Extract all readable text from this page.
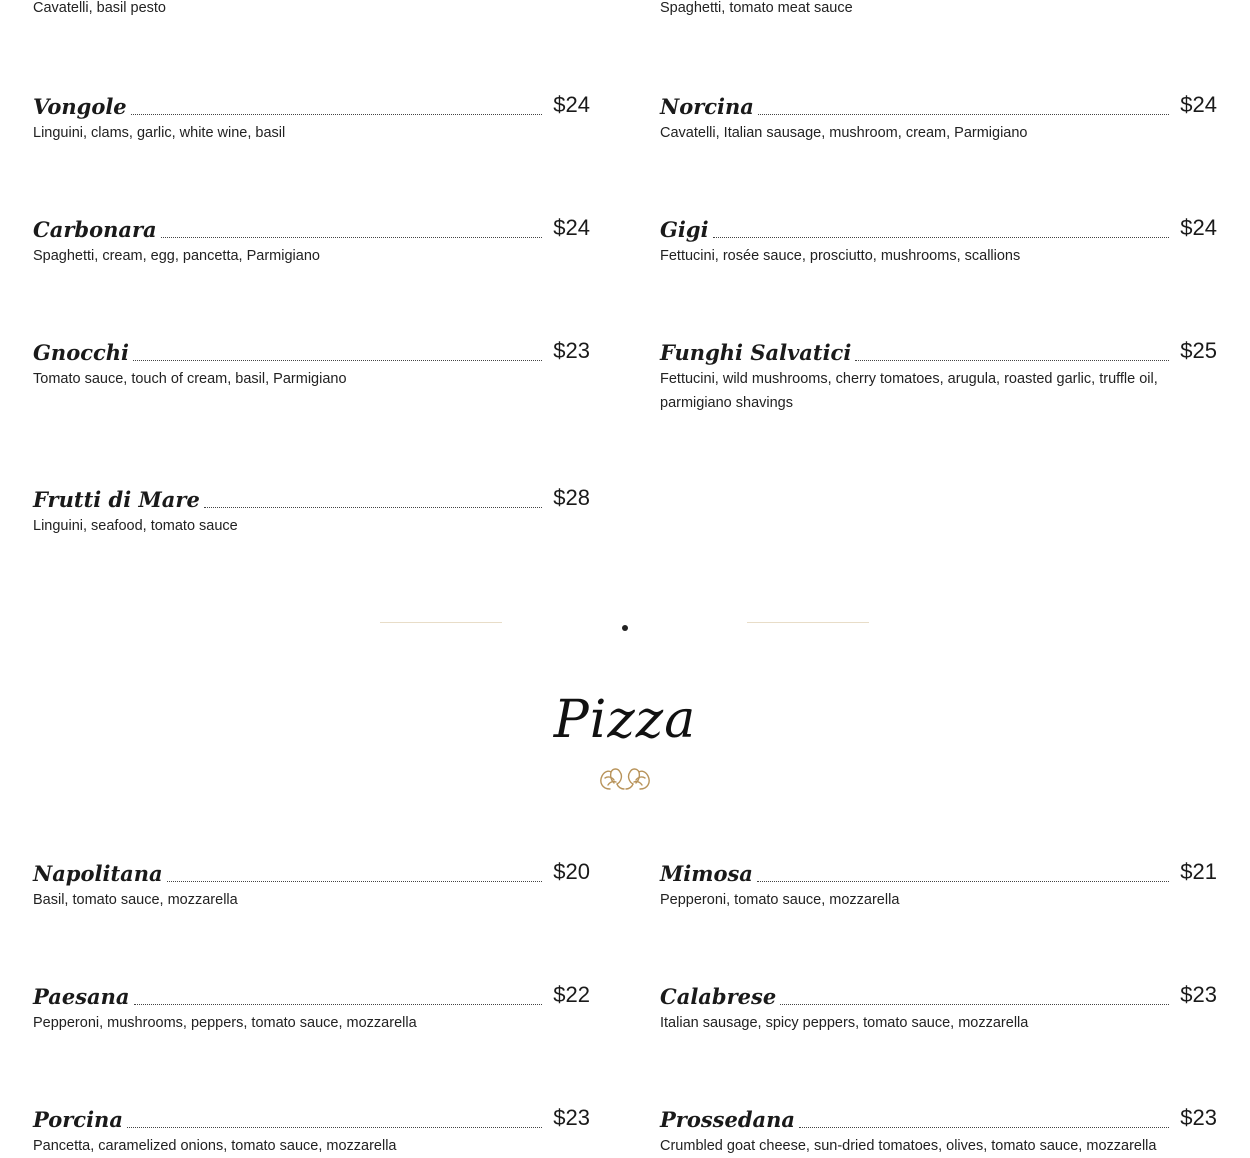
Cavatelli, basil pesto	Spaghetti, tomato meat sauce
Vongole	$24
Linguini, clams, garlic, white wine, basil
Norcina	$24
Cavatelli, Italian sausage, mushroom, cream, Parmigiano
Carbonara	$24
Spaghetti, cream, egg, pancetta, Parmigiano
Gigi	$24
Fettucini, rosée sauce, prosciutto, mushrooms, scallions
Gnocchi	$23
Tomato sauce, touch of cream, basil, Parmigiano
Funghi Salvatici	$25
Fettucini, wild mushrooms, cherry tomatoes, arugula, roasted garlic, truffle oil, parmigiano shavings
Frutti di Mare	$28
Linguini, seafood, tomato sauce
Pizza
Napolitana	$20
Basil, tomato sauce, mozzarella
Mimosa	$21
Pepperoni, tomato sauce, mozzarella
Paesana	$22
Pepperoni, mushrooms, peppers, tomato sauce, mozzarella
Calabrese	$23
Italian sausage, spicy peppers, tomato sauce, mozzarella
Porcina	$23
Pancetta, caramelized onions, tomato sauce, mozzarella
Prossedana	$23
Crumbled goat cheese, sun-dried tomatoes, olives, tomato sauce, mozzarella
